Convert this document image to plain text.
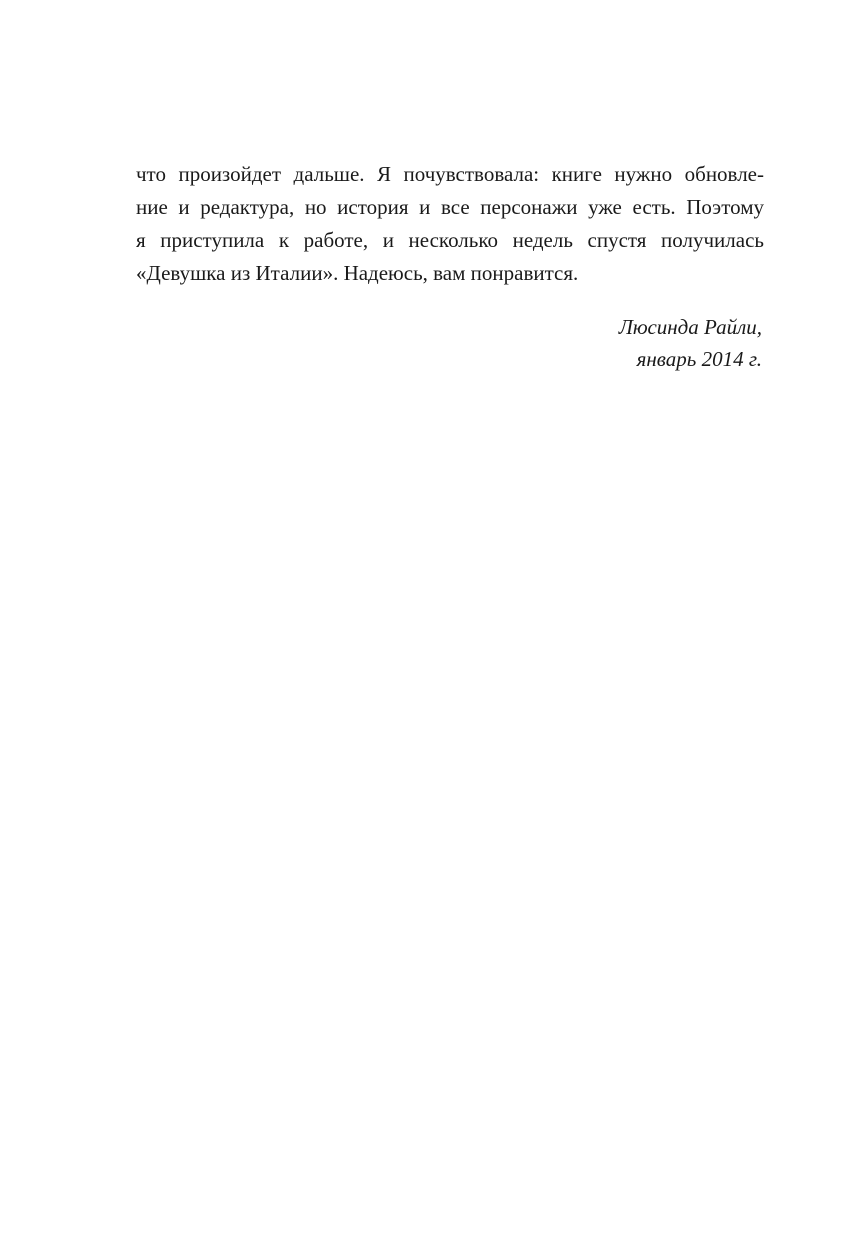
что произойдет дальше. Я почувствовала: книге нужно обновле-
ние и редактура, но история и все персонажи уже есть. Поэтому
я приступила к работе, и несколько недель спустя получилась
«Девушка из Италии». Надеюсь, вам понравится.
Люсинда Райли,
январь 2014 г.
